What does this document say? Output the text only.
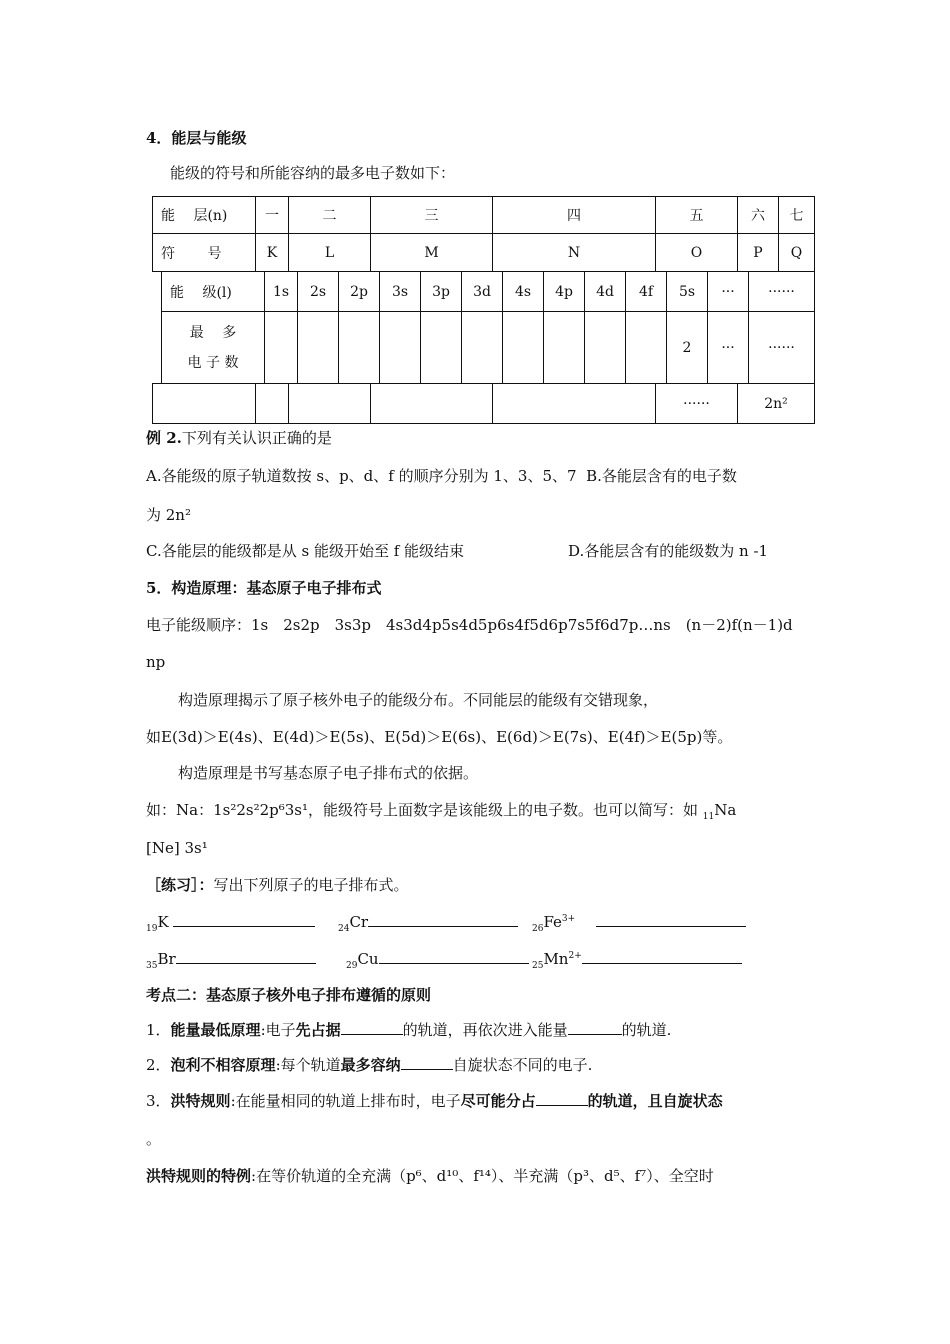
4．能层与能级
能级的符号和所能容纳的最多电子数如下：
能　 层(n)	一	二	三	四	五	六	七
符　　 号	K	L	M	N	O	P	Q
能　 级(l)	1s	2s	2p	3s	3p	3d	4s	4p	4d	4f	5s	···	······

最　 多
电 子 数											2	···	······
					······	2n²
例 2.下列有关认识正确的是
A.各能级的原子轨道数按 s、p、d、f 的顺序分别为 1、3、5、7 B.各能层含有的电子数
为 2n²
C.各能层的能级都是从 s 能级开始至 f 能级结束	D.各能层含有的能级数为 n -1
5．构造原理：基态原子电子排布式
电子能级顺序：1s　2s2p　3s3p　4s3d4p5s4d5p6s4f5d6p7s5f6d7p…ns　(n－2)f(n－1)d
np
构造原理揭示了原子核外电子的能级分布。不同能层的能级有交错现象，
如E(3d)＞E(4s)、E(4d)＞E(5s)、E(5d)＞E(6s)、E(6d)＞E(7s)、E(4f)＞E(5p)等。
构造原理是书写基态原子电子排布式的依据。
如：Na：1s²2s²2p⁶3s¹，能级符号上面数字是该能级上的电子数。也可以简写：如 $_{11}$Na
[Ne] 3s¹
［练习］：写出下列原子的电子排布式。
$_{19}$K	$_{24}$Cr	$_{26}Fe^{3+}$
$_{35}$Br	$_{29}$Cu	$_{25}Mn^{2+}$
考点二：基态原子核外电子排布遵循的原则
1．能量最低原理:电子先占据	的轨道，再依次进入能量	的轨道.
2．泡利不相容原理:每个轨道最多容纳	自旋状态不同的电子.
3．洪特规则:在能量相同的轨道上排布时，电子尽可能分占	的轨道，且自旋状态
。
洪特规则的特例:在等价轨道的全充满（p⁶、d¹⁰、f¹⁴）、半充满（p³、d⁵、f⁷）、全空时
